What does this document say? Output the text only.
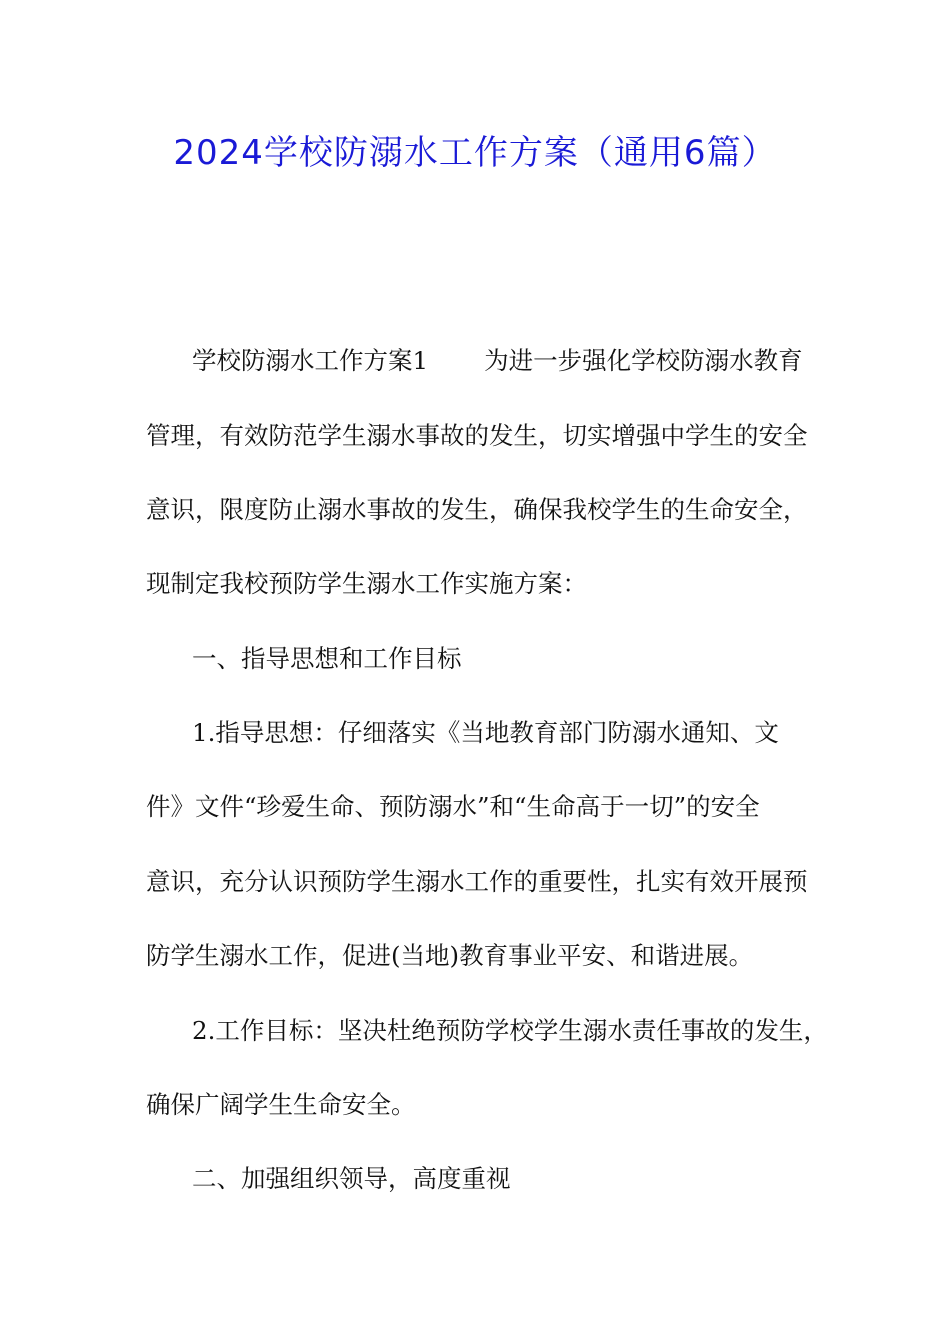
2024学校防溺水工作方案（通用6篇）
学校防溺水工作方案1 为进一步强化学校防溺水教育
管理，有效防范学生溺水事故的发生，切实增强中学生的安全
意识，限度防止溺水事故的发生，确保我校学生的生命安全，
现制定我校预防学生溺水工作实施方案：
一、指导思想和工作目标
1.指导思想：仔细落实《当地教育部门防溺水通知、文
件》文件“珍爱生命、预防溺水”和“生命高于一切”的安全
意识，充分认识预防学生溺水工作的重要性，扎实有效开展预
防学生溺水工作，促进(当地)教育事业平安、和谐进展。
2.工作目标：坚决杜绝预防学校学生溺水责任事故的发生，
确保广阔学生生命安全。
二、加强组织领导，高度重视
